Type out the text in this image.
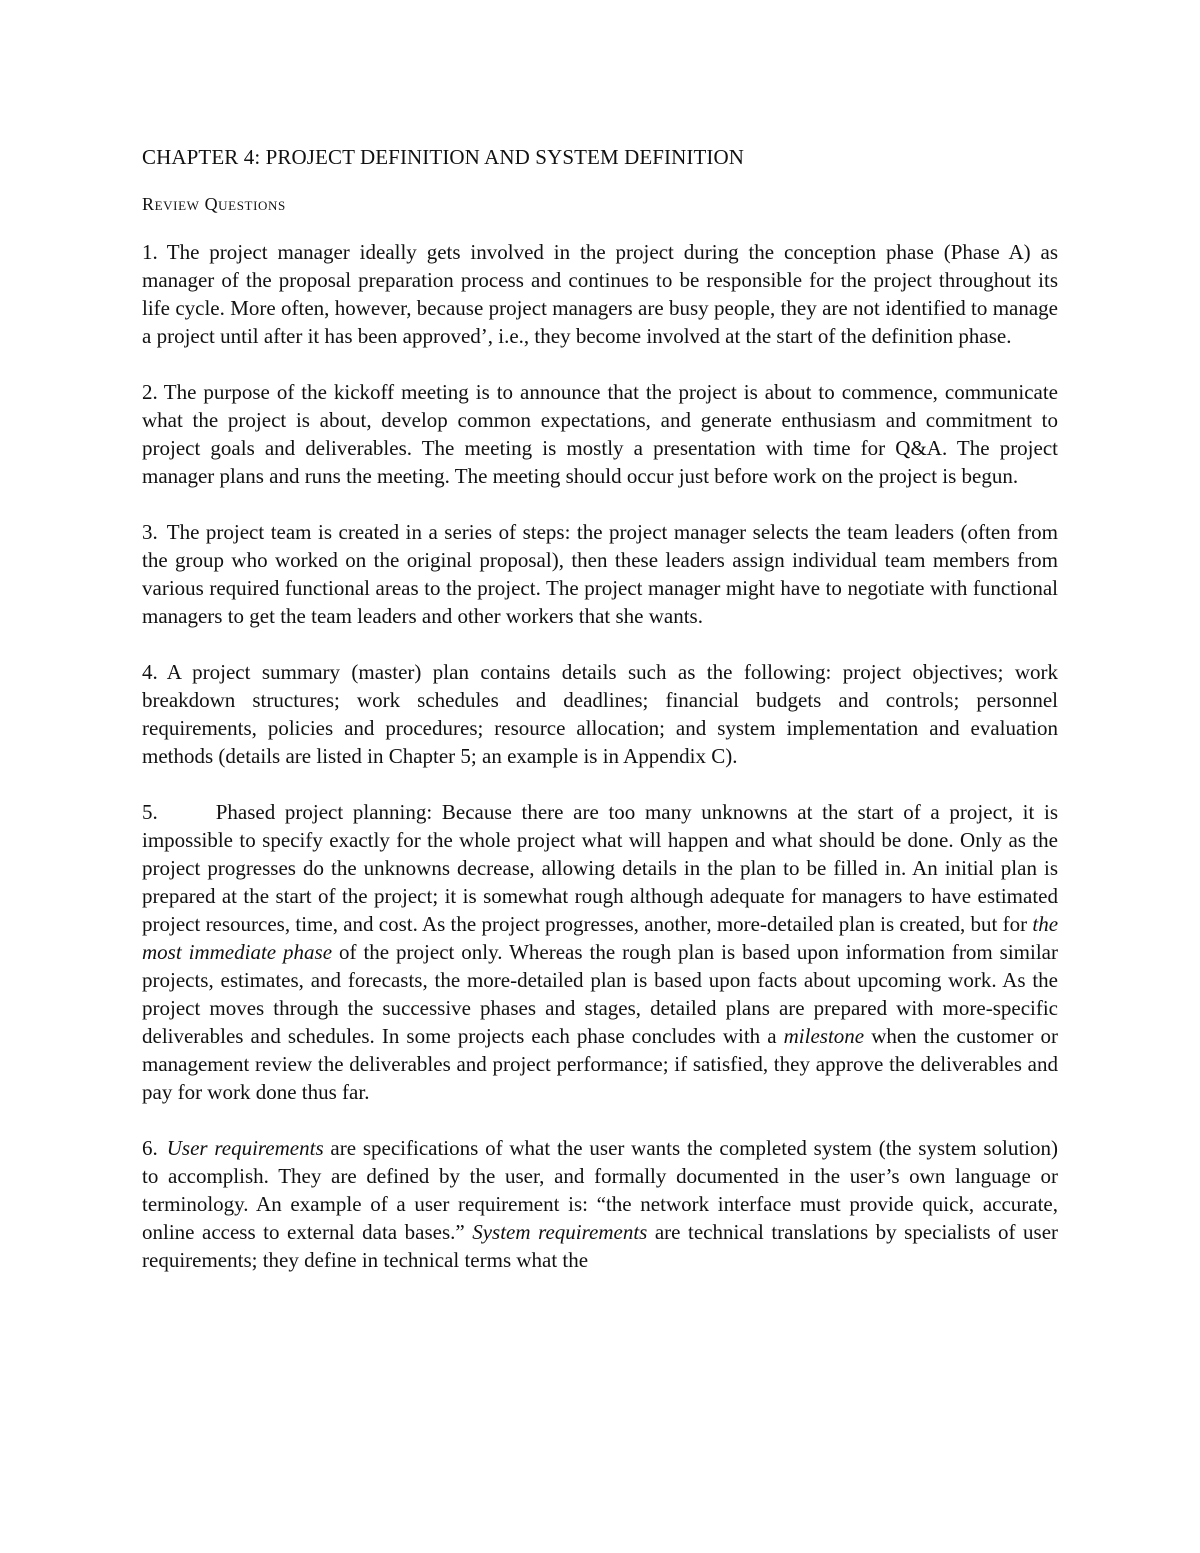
CHAPTER 4: PROJECT DEFINITION AND SYSTEM DEFINITION
Review Questions

1. The project manager ideally gets involved in the project during the conception phase (Phase A) as manager of the proposal preparation process and continues to be responsible for the project throughout its life cycle. More often, however, because project managers are busy people, they are not identified to manage a project until after it has been approved’, i.e., they become involved at the start of the definition phase.

2. The purpose of the kickoff meeting is to announce that the project is about to commence, communicate what the project is about, develop common expectations, and generate enthusiasm and commitment to project goals and deliverables. The meeting is mostly a presentation with time for Q&A. The project manager plans and runs the meeting. The meeting should occur just before work on the project is begun.

3. The project team is created in a series of steps: the project manager selects the team leaders (often from the group who worked on the original proposal), then these leaders assign individual team members from various required functional areas to the project. The project manager might have to negotiate with functional managers to get the team leaders and other workers that she wants.

4. A project summary (master) plan contains details such as the following: project objectives; work breakdown structures; work schedules and deadlines; financial budgets and controls; personnel requirements, policies and procedures; resource allocation; and system implementation and evaluation methods (details are listed in Chapter 5; an example is in Appendix C).

5.	Phased project planning: Because there are too many unknowns at the start of a project, it is impossible to specify exactly for the whole project what will happen and what should be done. Only as the project progresses do the unknowns decrease, allowing details in the plan to be filled in. An initial plan is prepared at the start of the project; it is somewhat rough although adequate for managers to have estimated project resources, time, and cost. As the project progresses, another, more-detailed plan is created, but for the most immediate phase of the project only. Whereas the rough plan is based upon information from similar projects, estimates, and forecasts, the more-detailed plan is based upon facts about upcoming work. As the project moves through the successive phases and stages, detailed plans are prepared with more-specific deliverables and schedules. In some projects each phase concludes with a milestone when the customer or management review the deliverables and project performance; if satisfied, they approve the deliverables and pay for work done thus far.

6. User requirements are specifications of what the user wants the completed system (the system solution) to accomplish. They are defined by the user, and formally documented in the user’s own language or terminology. An example of a user requirement is: “the network interface must provide quick, accurate, online access to external data bases.” System requirements are technical translations by specialists of user requirements; they define in technical terms what the
